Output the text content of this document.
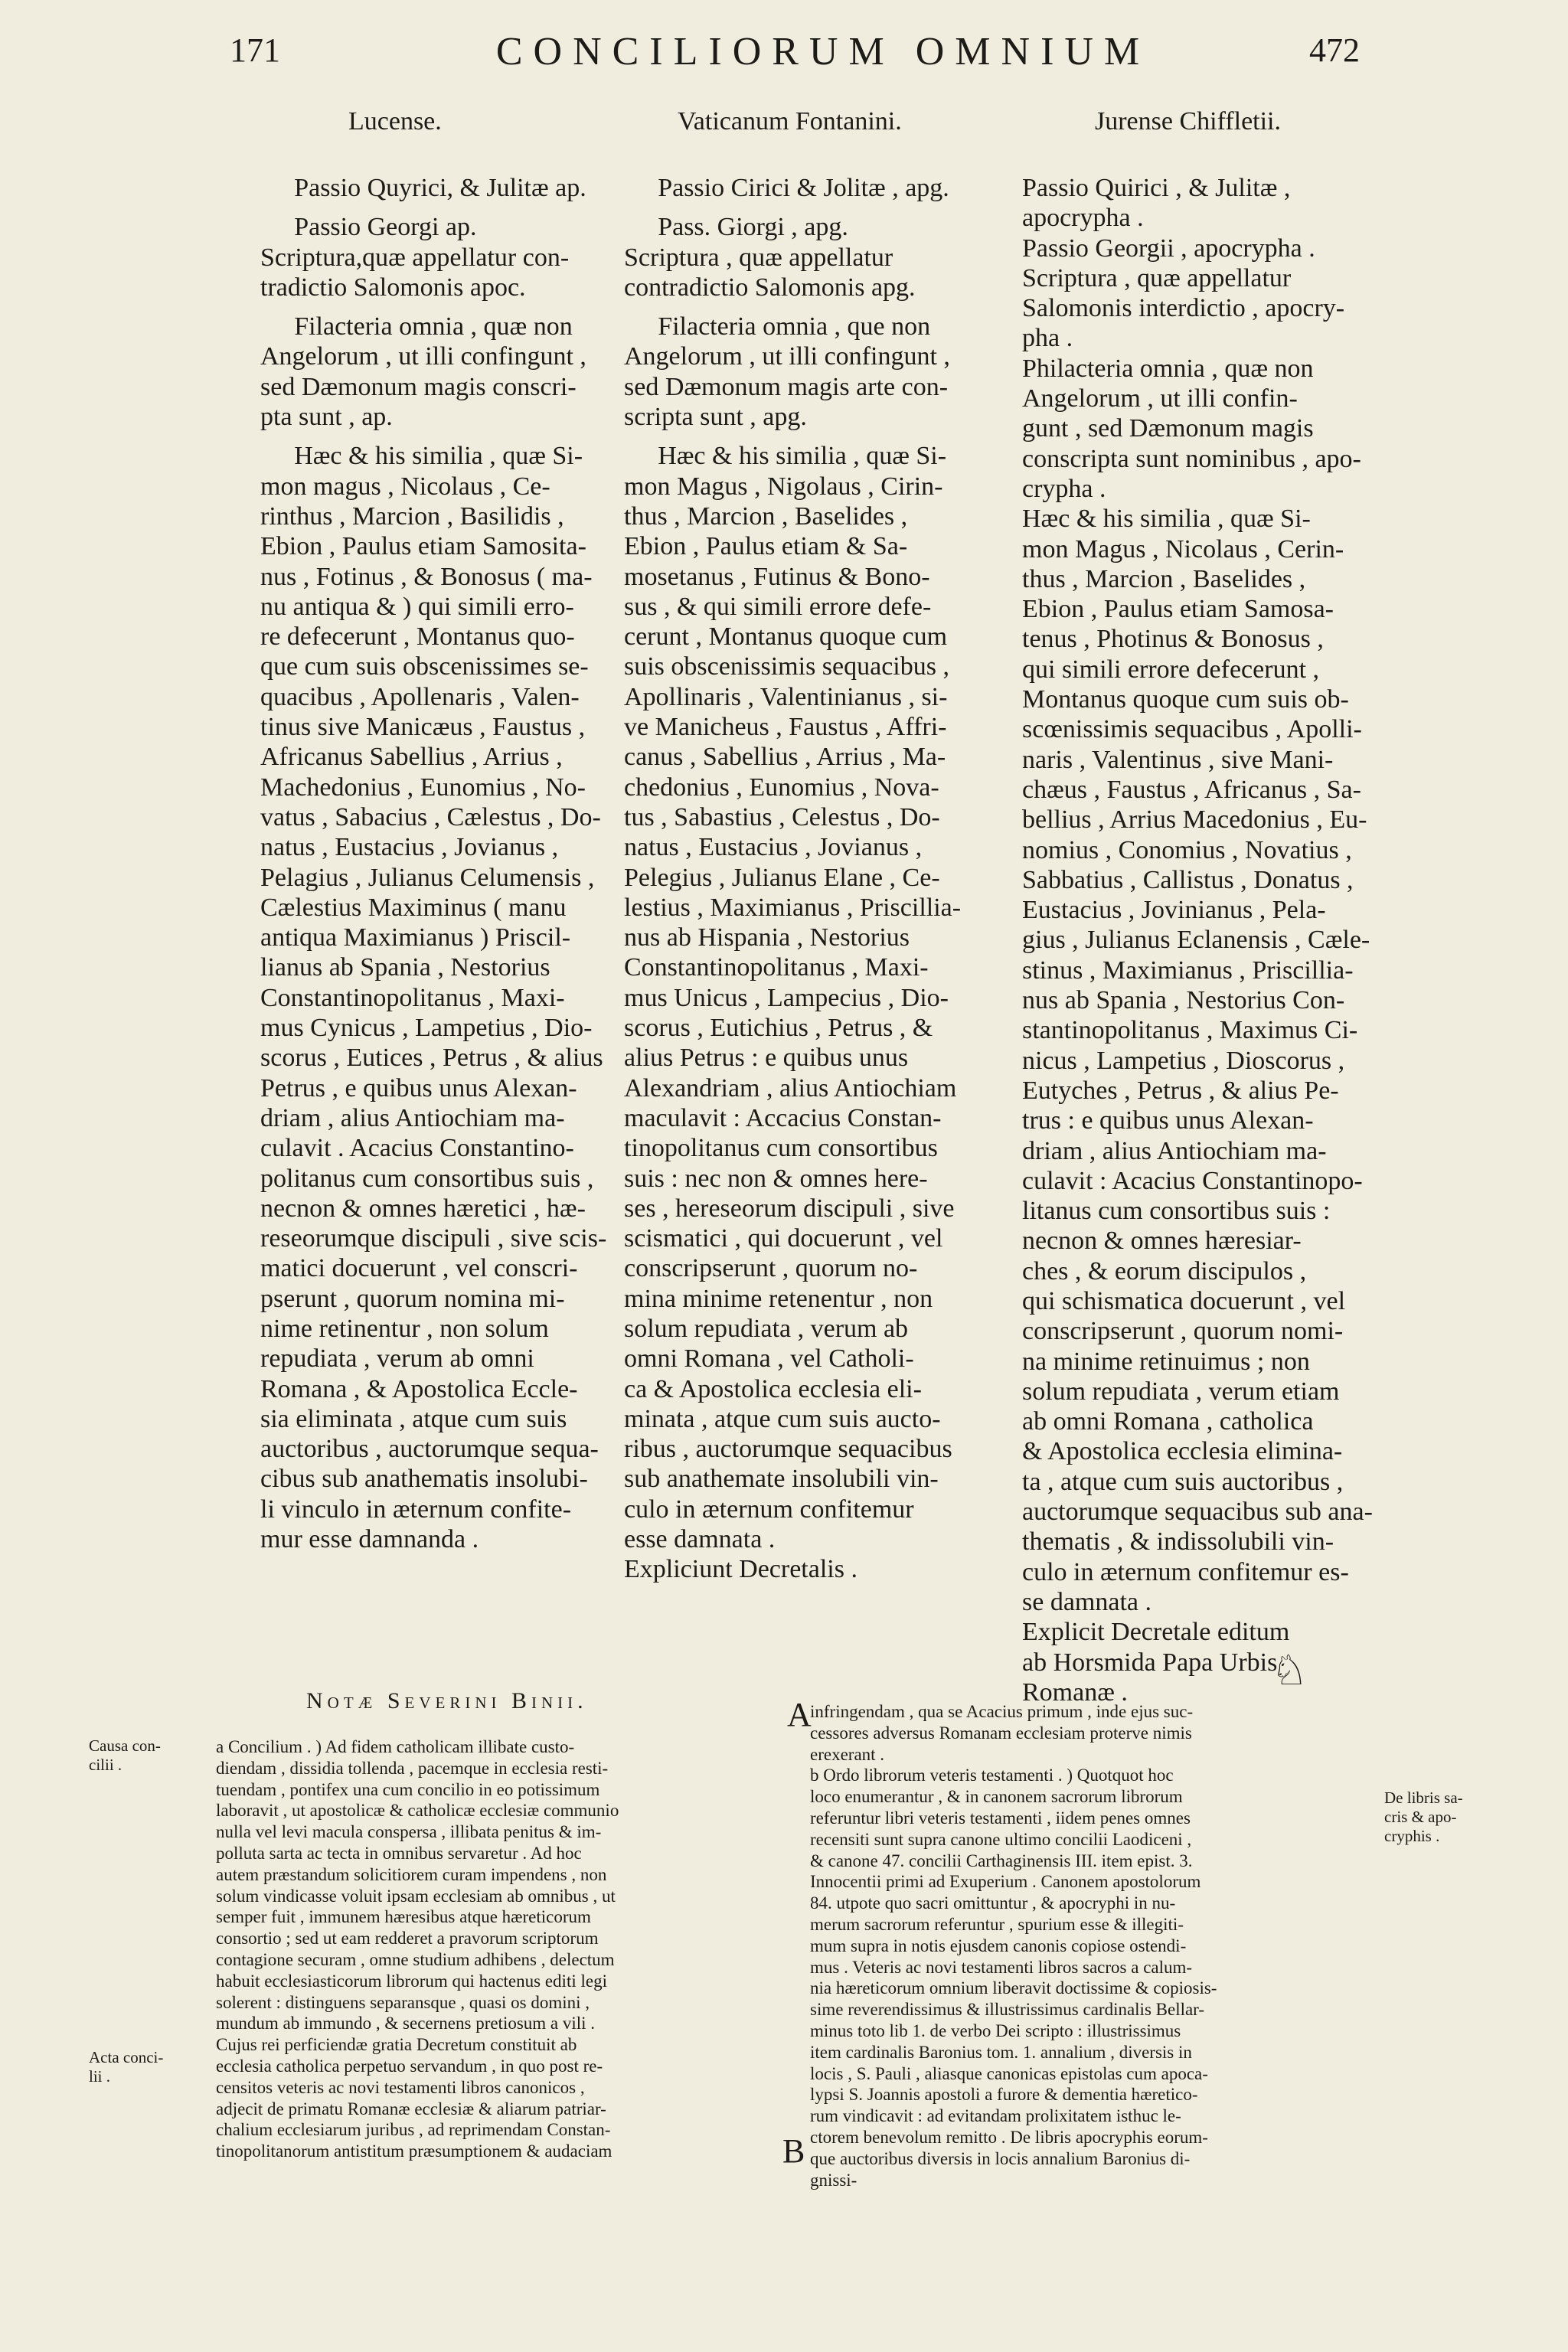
171	CONCILIORUM OMNIUM	472
Lucense.	Vaticanum Fontanini.	Jurense Chiffletii.

Passio Quyrici, & Julitæ ap.

Passio Georgi ap.

Scriptura,quæ appellatur con-

tradictio Salomonis apoc.

Filacteria omnia , quæ non

Angelorum , ut illi confingunt ,

sed Dæmonum magis conscri-

pta sunt , ap.

Hæc & his similia , quæ Si-

mon magus , Nicolaus , Ce-

rinthus , Marcion , Basilidis ,

Ebion , Paulus etiam Samosita-

nus , Fotinus , & Bonosus ( ma-

nu antiqua & ) qui simili erro-

re defecerunt , Montanus quo-

que cum suis obscenissimes se-

quacibus , Apollenaris , Valen-

tinus sive Manicæus , Faustus ,

Africanus Sabellius , Arrius ,

Machedonius , Eunomius , No-

vatus , Sabacius , Cælestus , Do-

natus , Eustacius , Jovianus ,

Pelagius , Julianus Celumensis ,

Cælestius Maximinus ( manu

antiqua Maximianus ) Priscil-

lianus ab Spania , Nestorius

Constantinopolitanus , Maxi-

mus Cynicus , Lampetius , Dio-

scorus , Eutices , Petrus , & alius

Petrus , e quibus unus Alexan-

driam , alius Antiochiam ma-

culavit . Acacius Constantino-

politanus cum consortibus suis ,

necnon & omnes hæretici , hæ-

reseorumque discipuli , sive scis-

matici docuerunt , vel conscri-

pserunt , quorum nomina mi-

nime retinentur , non solum

repudiata , verum ab omni

Romana , & Apostolica Eccle-

sia eliminata , atque cum suis

auctoribus , auctorumque sequa-

cibus sub anathematis insolubi-

li vinculo in æternum confite-

mur esse damnanda .

Passio Cirici & Jolitæ , apg.

Pass. Giorgi , apg.

Scriptura , quæ appellatur

contradictio Salomonis apg.

Filacteria omnia , que non

Angelorum , ut illi confingunt ,

sed Dæmonum magis arte con-

scripta sunt , apg.

Hæc & his similia , quæ Si-

mon Magus , Nigolaus , Cirin-

thus , Marcion , Baselides ,

Ebion , Paulus etiam & Sa-

mosetanus , Futinus & Bono-

sus , & qui simili errore defe-

cerunt , Montanus quoque cum

suis obscenissimis sequacibus ,

Apollinaris , Valentinianus , si-

ve Manicheus , Faustus , Affri-

canus , Sabellius , Arrius , Ma-

chedonius , Eunomius , Nova-

tus , Sabastius , Celestus , Do-

natus , Eustacius , Jovianus ,

Pelegius , Julianus Elane , Ce-

lestius , Maximianus , Priscillia-

nus ab Hispania , Nestorius

Constantinopolitanus , Maxi-

mus Unicus , Lampecius , Dio-

scorus , Eutichius , Petrus , &

alius Petrus : e quibus unus

Alexandriam , alius Antiochiam

maculavit : Accacius Constan-

tinopolitanus cum consortibus

suis : nec non & omnes here-

ses , hereseorum discipuli , sive

scismatici , qui docuerunt , vel

conscripserunt , quorum no-

mina minime retenentur , non

solum repudiata , verum ab

omni Romana , vel Catholi-

ca & Apostolica ecclesia eli-

minata , atque cum suis aucto-

ribus , auctorumque sequacibus

sub anathemate insolubili vin-

culo in æternum confitemur

esse damnata .

Expliciunt Decretalis .

Passio Quirici , & Julitæ ,

apocrypha .

Passio Georgii , apocrypha .

Scriptura , quæ appellatur

Salomonis interdictio , apocry-

pha .

Philacteria omnia , quæ non

Angelorum , ut illi confin-

gunt , sed Dæmonum magis

conscripta sunt nominibus , apo-

crypha .

Hæc & his similia , quæ Si-

mon Magus , Nicolaus , Cerin-

thus , Marcion , Baselides ,

Ebion , Paulus etiam Samosa-

tenus , Photinus & Bonosus ,

qui simili errore defecerunt ,

Montanus quoque cum suis ob-

scœnissimis sequacibus , Apolli-

naris , Valentinus , sive Mani-

chæus , Faustus , Africanus , Sa-

bellius , Arrius Macedonius , Eu-

nomius , Conomius , Novatius ,

Sabbatius , Callistus , Donatus ,

Eustacius , Jovinianus , Pela-

gius , Julianus Eclanensis , Cæle-

stinus , Maximianus , Priscillia-

nus ab Spania , Nestorius Con-

stantinopolitanus , Maximus Ci-

nicus , Lampetius , Dioscorus ,

Eutyches , Petrus , & alius Pe-

trus : e quibus unus Alexan-

driam , alius Antiochiam ma-

culavit : Acacius Constantinopo-

litanus cum consortibus suis :

necnon & omnes hæresiar-

ches , & eorum discipulos ,

qui schismatica docuerunt , vel

conscripserunt , quorum nomi-

na minime retinuimus ; non

solum repudiata , verum etiam

ab omni Romana , catholica

& Apostolica ecclesia elimina-

ta , atque cum suis auctoribus ,

auctorumque sequacibus sub ana-

thematis , & indissolubili vin-

culo in æternum confitemur es-

se damnata .

Explicit Decretale editum

ab Horsmida Papa Urbis

Romanæ .	♘
Notæ Severini Binii.

a Concilium . ) Ad fidem catholicam illibate custo-

diendam , dissidia tollenda , pacemque in ecclesia resti-

tuendam , pontifex una cum concilio in eo potissimum

laboravit , ut apostolicæ & catholicæ ecclesiæ communio

nulla vel levi macula conspersa , illibata penitus & im-

polluta sarta ac tecta in omnibus servaretur . Ad hoc

autem præstandum solicitiorem curam impendens , non

solum vindicasse voluit ipsam ecclesiam ab omnibus , ut

semper fuit , immunem hæresibus atque hæreticorum

consortio ; sed ut eam redderet a pravorum scriptorum

contagione securam , omne studium adhibens , delectum

habuit ecclesiasticorum librorum qui hactenus editi legi

solerent : distinguens separansque , quasi os domini ,

mundum ab immundo , & secernens pretiosum a vili .

Cujus rei perficiendæ gratia Decretum constituit ab

ecclesia catholica perpetuo servandum , in quo post re-

censitos veteris ac novi testamenti libros canonicos ,

adjecit de primatu Romanæ ecclesiæ & aliarum patriar-

chalium ecclesiarum juribus , ad reprimendam Constan-

tinopolitanorum antistitum præsumptionem & audaciam

infringendam , qua se Acacius primum , inde ejus suc-

cessores adversus Romanam ecclesiam proterve nimis

erexerant .

b Ordo librorum veteris testamenti . ) Quotquot hoc

loco enumerantur , & in canonem sacrorum librorum

referuntur libri veteris testamenti , iidem penes omnes

recensiti sunt supra canone ultimo concilii Laodiceni ,

& canone 47. concilii Carthaginensis III. item epist. 3.

Innocentii primi ad Exuperium . Canonem apostolorum

84. utpote quo sacri omittuntur , & apocryphi in nu-

merum sacrorum referuntur , spurium esse & illegiti-

mum supra in notis ejusdem canonis copiose ostendi-

mus . Veteris ac novi testamenti libros sacros a calum-

nia hæreticorum omnium liberavit doctissime & copiosis-

sime reverendissimus & illustrissimus cardinalis Bellar-

minus toto lib 1. de verbo Dei scripto : illustrissimus

item cardinalis Baronius tom. 1. annalium , diversis in

locis , S. Pauli , aliasque canonicas epistolas cum apoca-

lypsi S. Joannis apostoli a furore & dementia hæretico-

rum vindicavit : ad evitandam prolixitatem isthuc le-

ctorem benevolum remitto . De libris apocryphis eorum-

que auctoribus diversis in locis annalium Baronius di-

gnissi-

A
B
Causa con-
cilii .
Acta conci-
lii .
De libris sa-
cris & apo-
cryphis .
